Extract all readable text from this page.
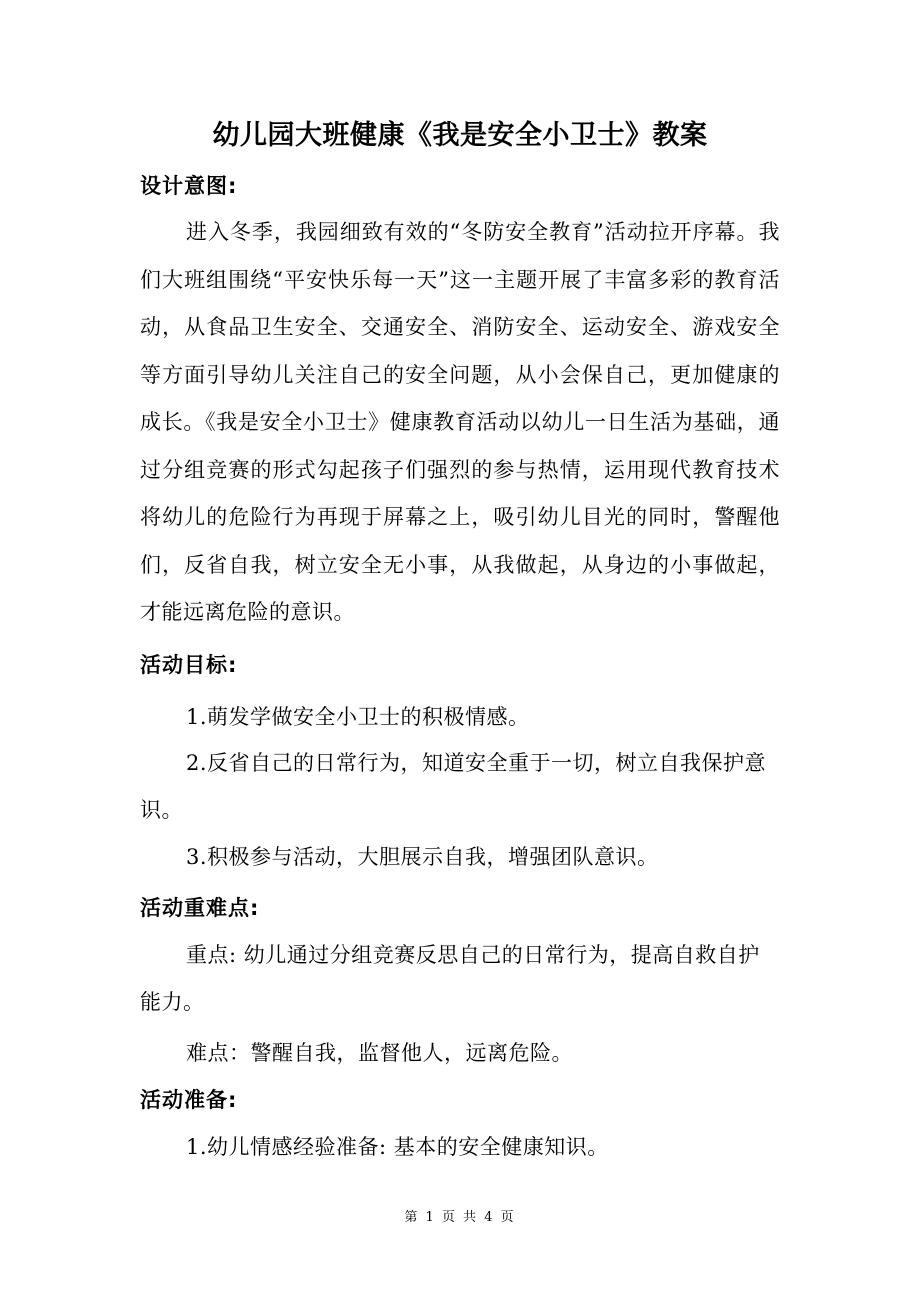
幼儿园大班健康《我是安全小卫士》教案
设计意图:

进入冬季，我园细致有效的“冬防安全教育”活动拉开序幕。我们大班组围绕“平安快乐每一天”这一主题开展了丰富多彩的教育活动，从食品卫生安全、交通安全、消防安全、运动安全、游戏安全等方面引导幼儿关注自己的安全问题，从小会保自己，更加健康的成长。《我是安全小卫士》健康教育活动以幼儿一日生活为基础，通过分组竞赛的形式勾起孩子们强烈的参与热情，运用现代教育技术将幼儿的危险行为再现于屏幕之上，吸引幼儿目光的同时，警醒他们，反省自我，树立安全无小事，从我做起，从身边的小事做起，才能远离危险的意识。

活动目标:
1.萌发学做安全小卫士的积极情感。
2.反省自己的日常行为，知道安全重于一切，树立自我保护意识。
3.积极参与活动，大胆展示自我，增强团队意识。
活动重难点:
重点: 幼儿通过分组竞赛反思自己的日常行为，提高自救自护能力。
难点：警醒自我，监督他人，远离危险。
活动准备:
1.幼儿情感经验准备: 基本的安全健康知识。
第 1 页 共 4 页
